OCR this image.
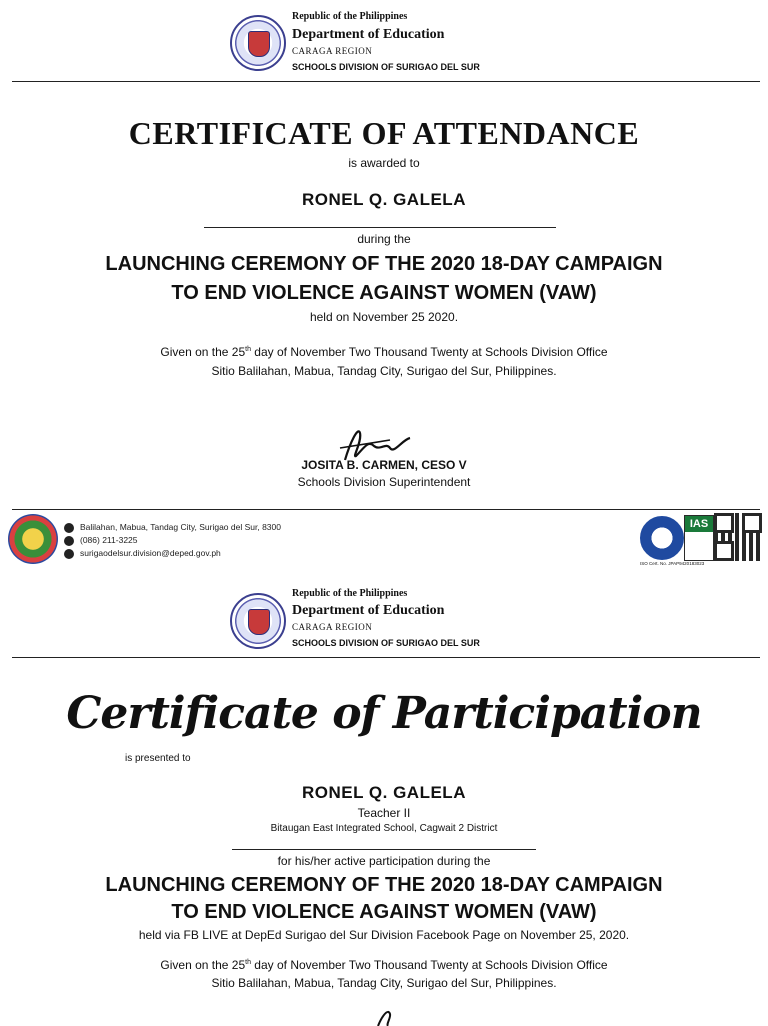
Republic of the Philippines
Department of Education
CARAGA REGION
SCHOOLS DIVISION OF SURIGAO DEL SUR
CERTIFICATE OF ATTENDANCE
is awarded to
RONEL Q. GALELA
during the
LAUNCHING CEREMONY OF THE 2020 18-DAY CAMPAIGN
TO END VIOLENCE AGAINST WOMEN (VAW)
held on November 25 2020.
Given on the 25th day of November Two Thousand Twenty at Schools Division Office
Sitio Balilahan, Mabua, Tandag City, Surigao del Sur, Philippines.
JOSITA B. CARMEN, CESO V
Schools Division Superintendent
Balilahan, Mabua, Tandag City, Surigao del Sur, 8300
(086) 211-3225
surigaodelsur.division@deped.gov.ph
IAS
ISO Cert. No. JPAP9420183023
Republic of the Philippines
Department of Education
CARAGA REGION
SCHOOLS DIVISION OF SURIGAO DEL SUR
Certificate of Participation
is presented to
RONEL Q. GALELA
Teacher II
Bitaugan East Integrated School, Cagwait 2 District
for his/her active participation during the
LAUNCHING CEREMONY OF THE 2020 18-DAY CAMPAIGN
TO END VIOLENCE AGAINST WOMEN (VAW)
held via FB LIVE at DepEd Surigao del Sur Division Facebook Page on November 25, 2020.
Given on the 25th day of November Two Thousand Twenty at Schools Division Office
Sitio Balilahan, Mabua, Tandag City, Surigao del Sur, Philippines.
